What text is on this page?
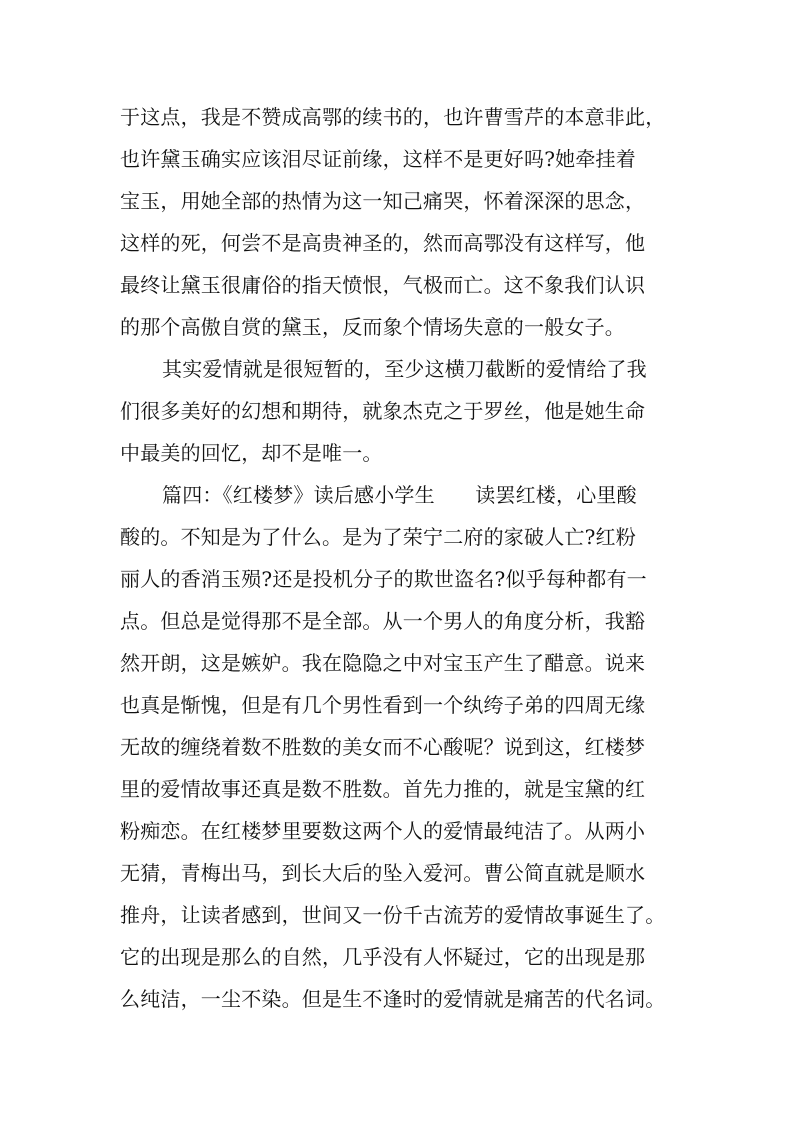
于这点，我是不赞成高鄂的续书的，也许曹雪芹的本意非此，
也许黛玉确实应该泪尽证前缘，这样不是更好吗?她牵挂着
宝玉，用她全部的热情为这一知己痛哭，怀着深深的思念，
这样的死，何尝不是高贵神圣的，然而高鄂没有这样写，他
最终让黛玉很庸俗的指天愤恨，气极而亡。这不象我们认识
的那个高傲自赏的黛玉，反而象个情场失意的一般女子。
其实爱情就是很短暂的，至少这横刀截断的爱情给了我
们很多美好的幻想和期待，就象杰克之于罗丝，他是她生命
中最美的回忆，却不是唯一。
篇四：《红楼梦》读后感小学生　　读罢红楼，心里酸
酸的。不知是为了什么。是为了荣宁二府的家破人亡?红粉
丽人的香消玉殒?还是投机分子的欺世盗名?似乎每种都有一
点。但总是觉得那不是全部。从一个男人的角度分析，我豁
然开朗，这是嫉妒。我在隐隐之中对宝玉产生了醋意。说来
也真是惭愧，但是有几个男性看到一个纨绔子弟的四周无缘
无故的缠绕着数不胜数的美女而不心酸呢？说到这，红楼梦
里的爱情故事还真是数不胜数。首先力推的，就是宝黛的红
粉痴恋。在红楼梦里要数这两个人的爱情最纯洁了。从两小
无猜，青梅出马，到长大后的坠入爱河。曹公简直就是顺水
推舟，让读者感到，世间又一份千古流芳的爱情故事诞生了。
它的出现是那么的自然，几乎没有人怀疑过，它的出现是那
么纯洁，一尘不染。但是生不逢时的爱情就是痛苦的代名词。
